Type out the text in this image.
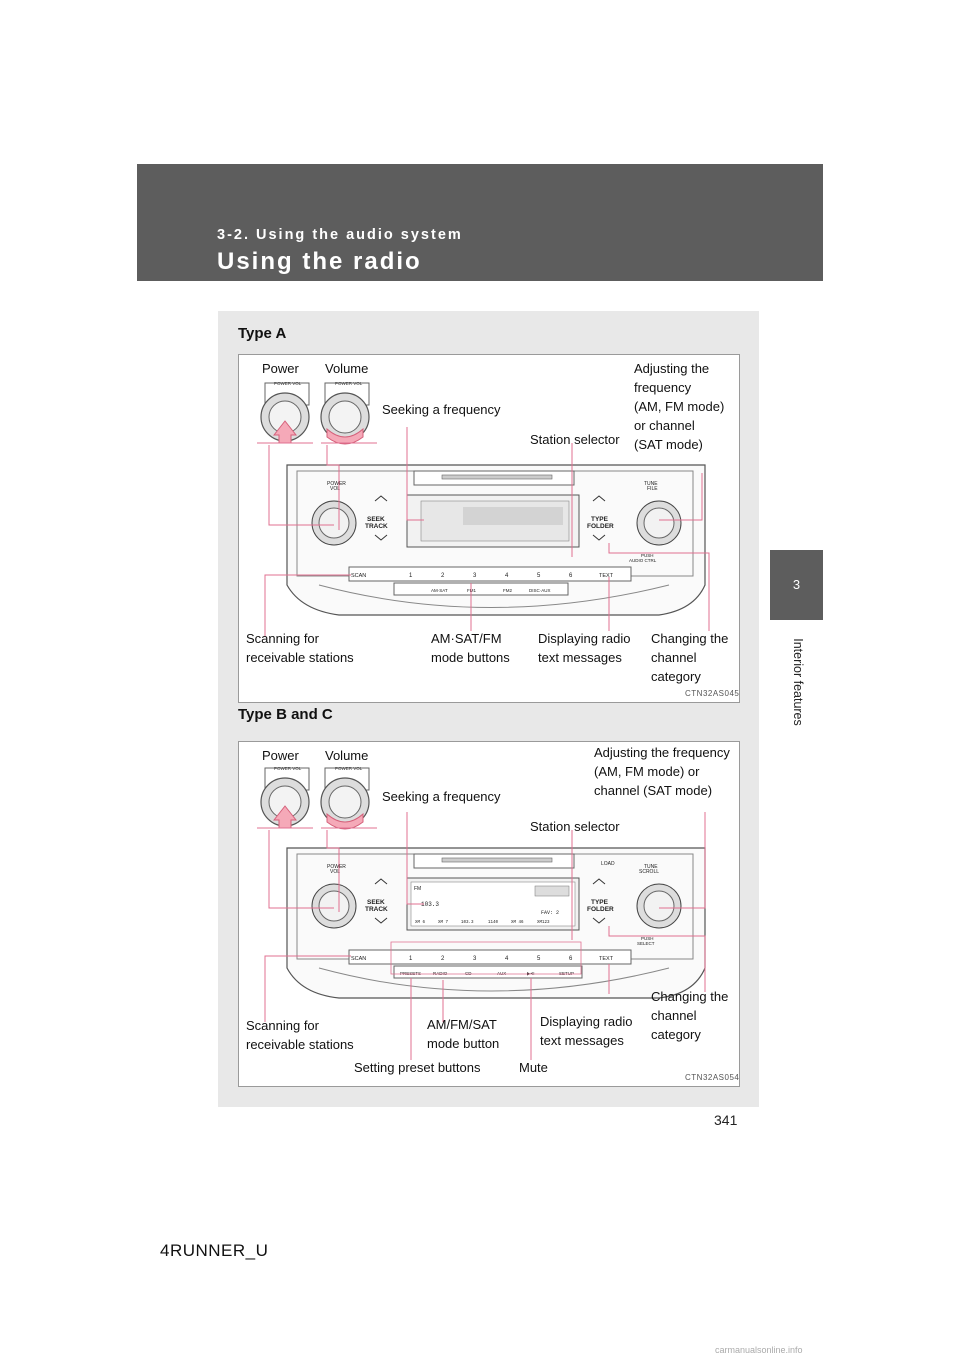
3-2. Using the audio system
Using the radio
3
Interior features
Type A
Type B and C
POWER VOL	POWER VOL
POWER
VOL
SEEK
TRACK
TYPE
FOLDER
TUNE
FILE
PUSH
AUDIO CTRL
SCAN	1	2	3	4	5	6	TEXT
AM·SAT	FM1	FM2	DISC·AUX
Power Volume
Seeking a frequency
Station selector
Adjusting the
frequency
(AM, FM mode)
or channel
(SAT mode)
Scanning for
receivable stations
AM·SAT/FM
mode buttons
Displaying radio
text messages
Changing the
channel
category
CTN32AS045
POWER VOL	POWER VOL
POWER
VOL
SEEK
TRACK
TYPE
FOLDER
LOAD	TUNE
SCROLL
PUSH
SELECT
FM
103.3
FAV: 2
XM 6	XM 7	103.3	1140	XM 46	XM123
SCAN	1	2	3	4	5	6	TEXT
PRESETS	RADIO	CD	AUX	▶•II	SETUP
Power Volume
Seeking a frequency
Station selector
Adjusting the frequency
(AM, FM mode) or
channel (SAT mode)
Scanning for
receivable stations
AM/FM/SAT
mode button
Displaying radio
text messages
Changing the
channel
category
Setting preset buttons	Mute
CTN32AS054
341
4RUNNER_U
carmanualsonline.info
